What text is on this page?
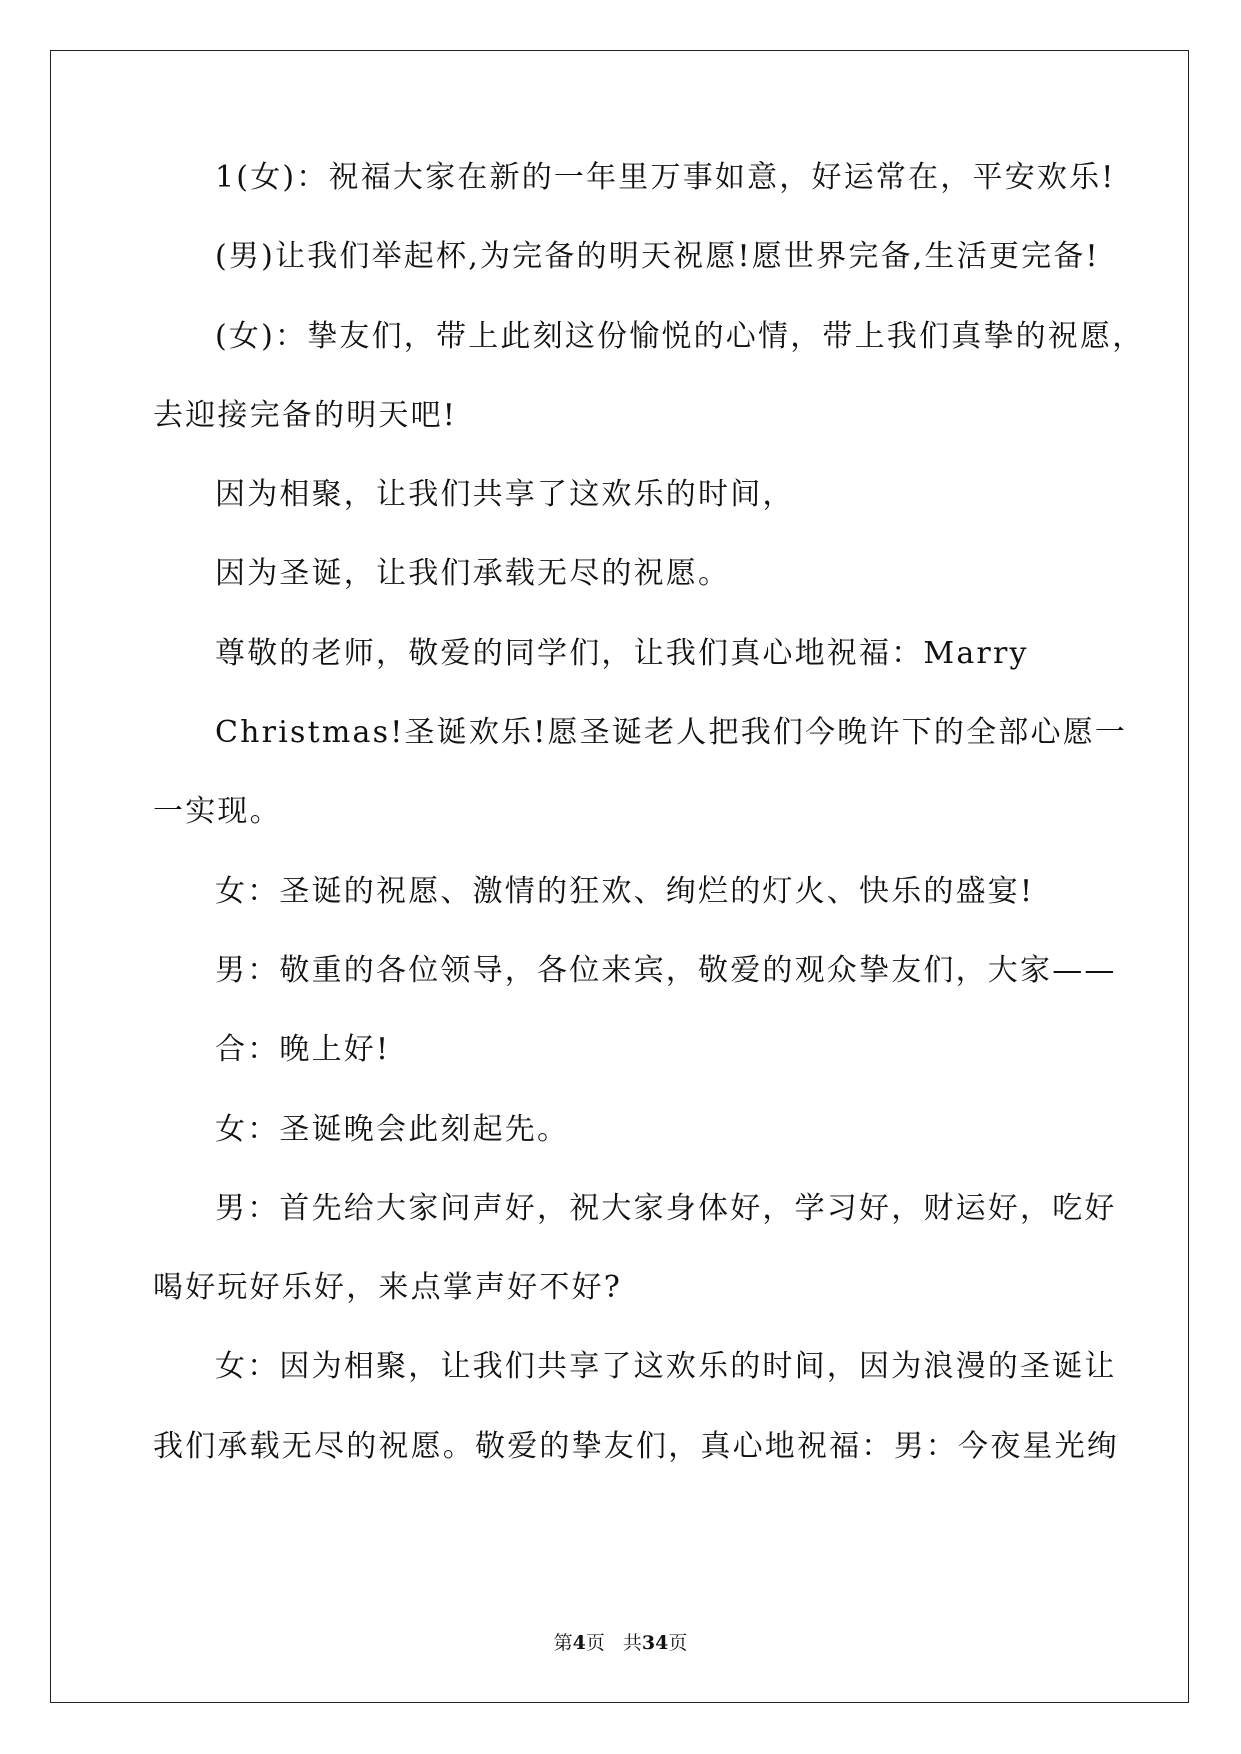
1(女)：祝福大家在新的一年里万事如意，好运常在，平安欢乐!
(男)让我们举起杯,为完备的明天祝愿!愿世界完备,生活更完备!
(女)：挚友们，带上此刻这份愉悦的心情，带上我们真挚的祝愿，
去迎接完备的明天吧!
因为相聚，让我们共享了这欢乐的时间，
因为圣诞，让我们承载无尽的祝愿。
尊敬的老师，敬爱的同学们，让我们真心地祝福：Marry
Christmas!圣诞欢乐!愿圣诞老人把我们今晚许下的全部心愿一
一实现。
女：圣诞的祝愿、激情的狂欢、绚烂的灯火、快乐的盛宴!
男：敬重的各位领导，各位来宾，敬爱的观众挚友们，大家——
合：晚上好!
女：圣诞晚会此刻起先。
男：首先给大家问声好，祝大家身体好，学习好，财运好，吃好
喝好玩好乐好，来点掌声好不好?
女：因为相聚，让我们共享了这欢乐的时间，因为浪漫的圣诞让
我们承载无尽的祝愿。敬爱的挚友们，真心地祝福：男：今夜星光绚
第4页 共34页
